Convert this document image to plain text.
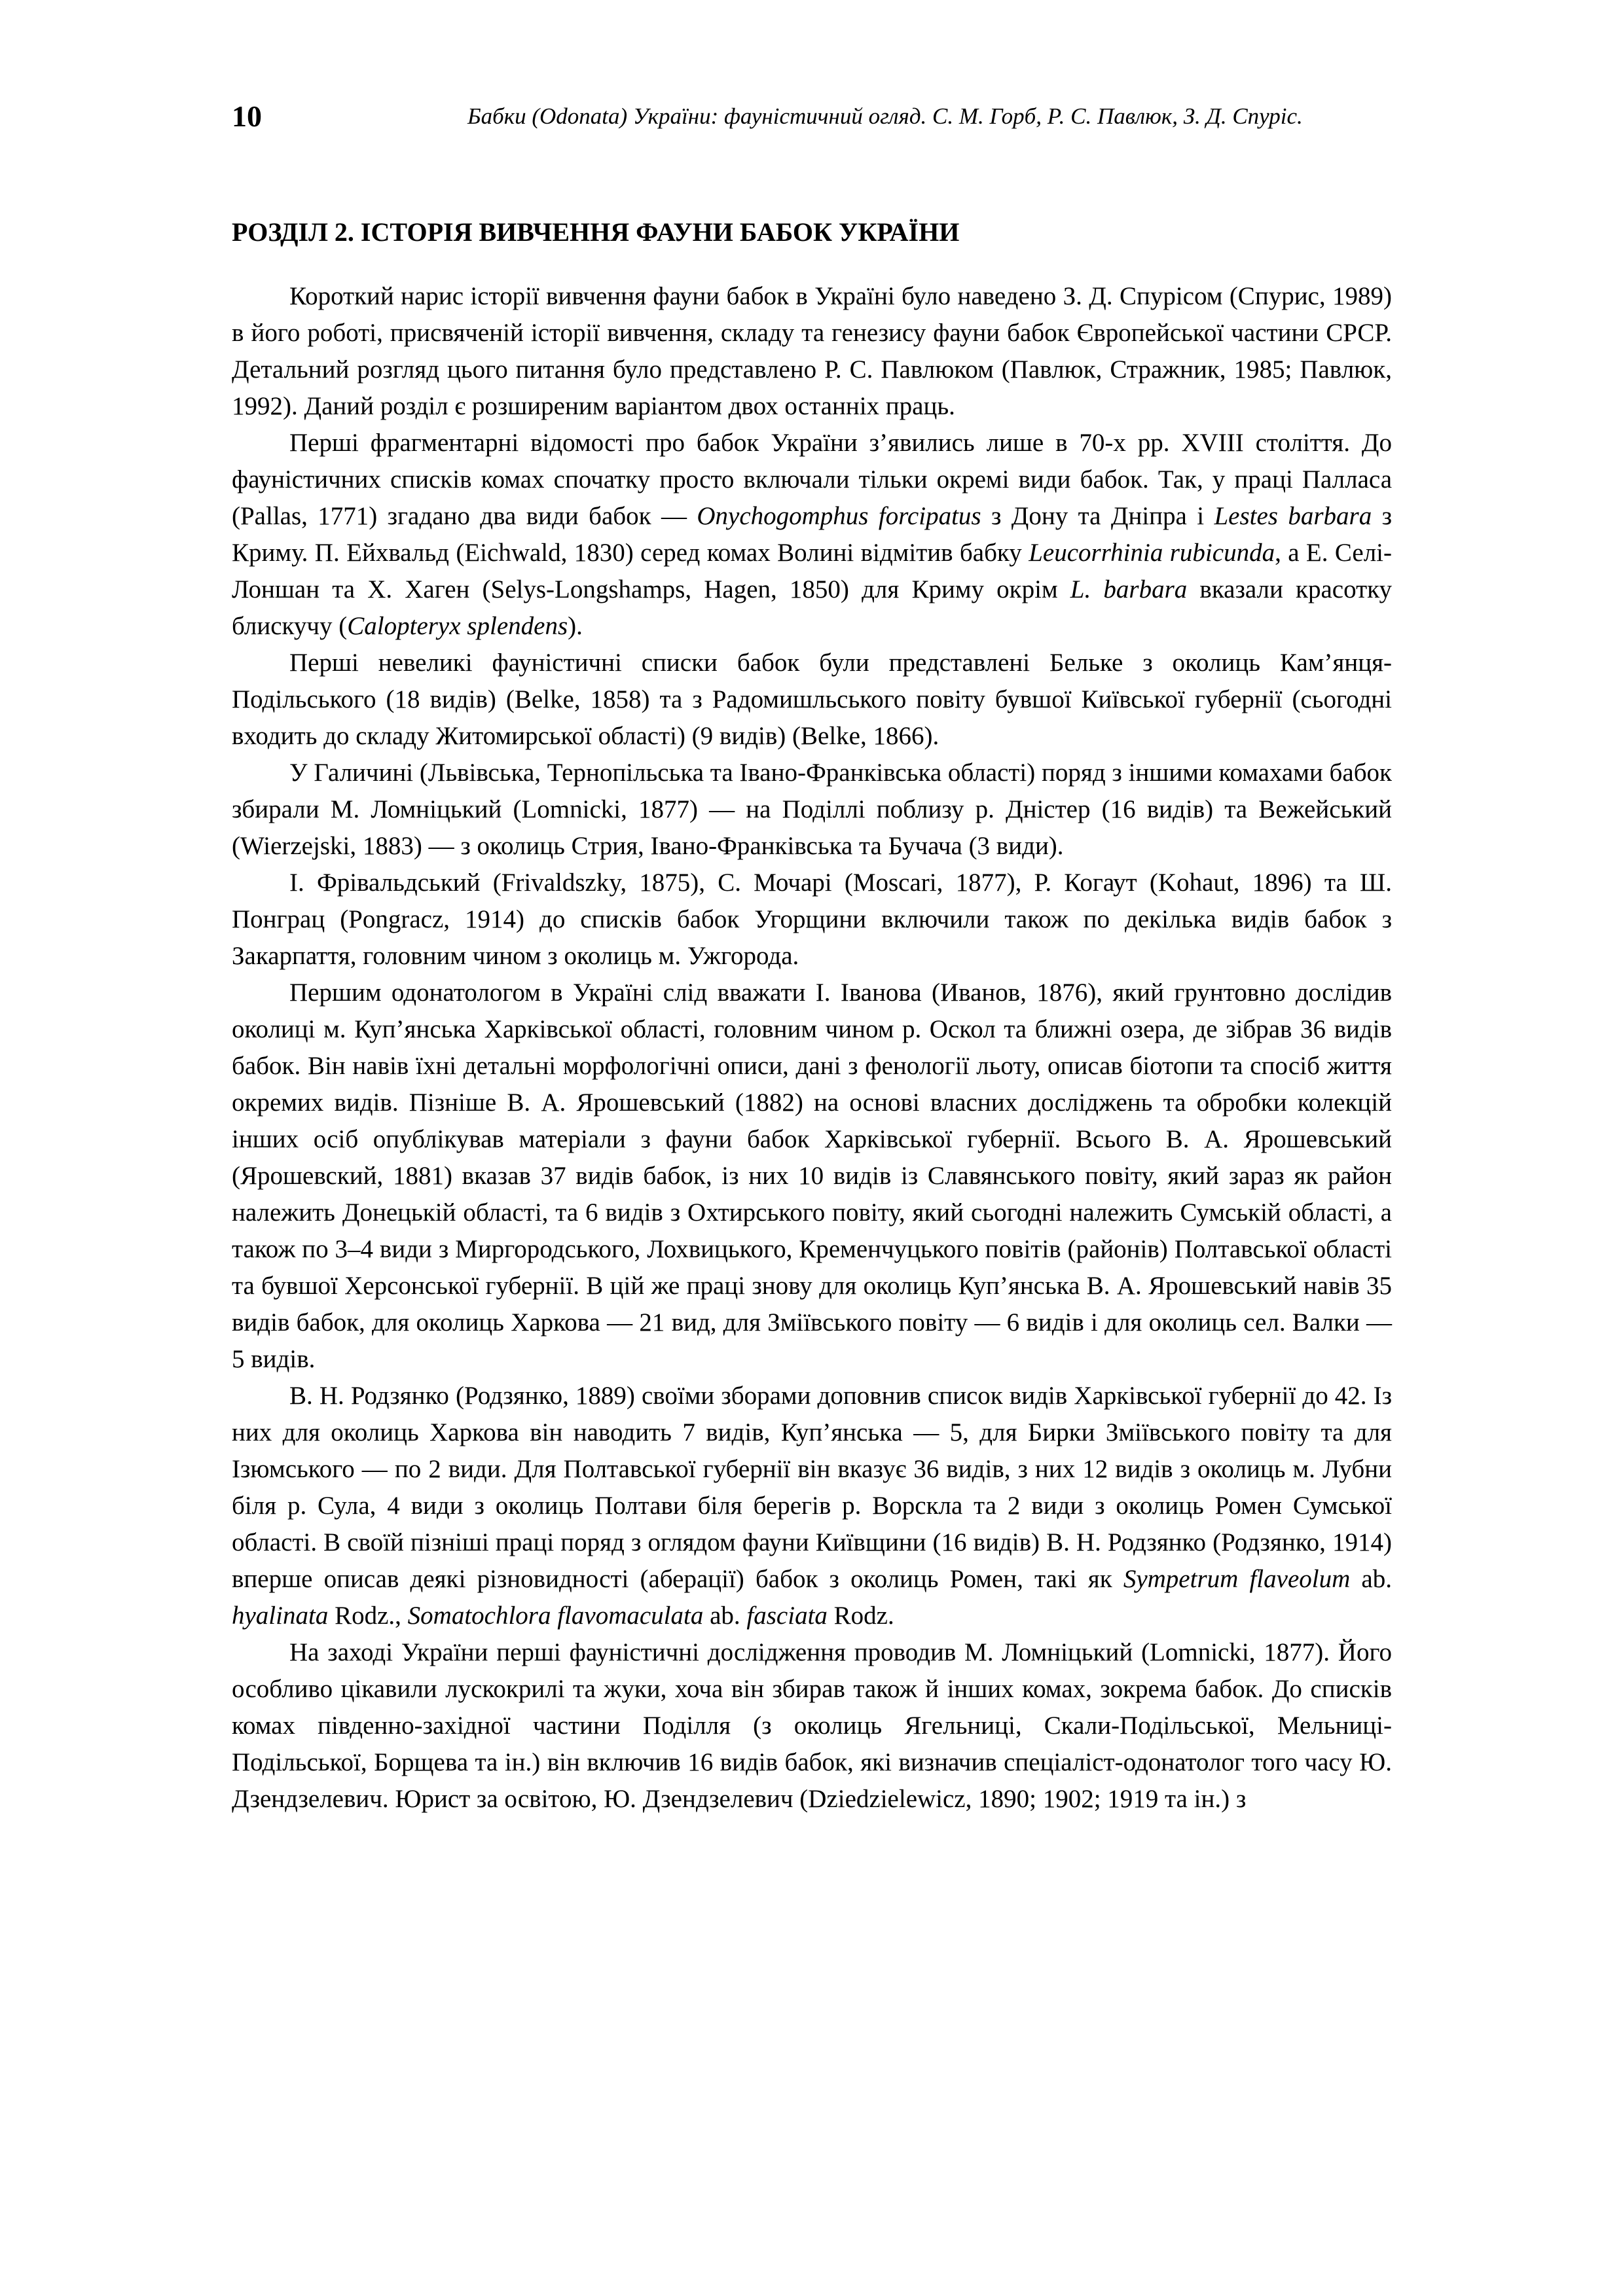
10	Бабки (Odonata) України: фауністичний огляд. С. М. Горб, Р. С. Павлюк, З. Д. Спуріс.
РОЗДІЛ 2. ІСТОРІЯ ВИВЧЕННЯ ФАУНИ БАБОК УКРАЇНИ

Короткий нарис історії вивчення фауни бабок в Україні було наведено З. Д. Спурісом (Спурис, 1989) в його роботі, присвяченій історії вивчення, складу та генезису фауни бабок Європейської частини СРСР. Детальний розгляд цього питання було представлено Р. С. Павлюком (Павлюк, Стражник, 1985; Павлюк, 1992). Даний розділ є розширеним варіантом двох останніх праць.

Перші фрагментарні відомості про бабок України з’явились лише в 70-х рр. XVIII століття. До фауністичних списків комах спочатку просто включали тільки окремі види бабок. Так, у праці Палласа (Pallas, 1771) згадано два види бабок — Onychogomphus forcipatus з Дону та Дніпра і Lestes barbara з Криму. П. Ейхвальд (Eichwald, 1830) серед комах Волині відмітив бабку Leucorrhinia rubicunda, а Е. Селі-Лоншан та Х. Хаген (Selys-Longshamps, Hagen, 1850) для Криму окрім L. barbara вказали красотку блискучу (Calopteryx splendens).

Перші невеликі фауністичні списки бабок були представлені Бельке з околиць Кам’янця-Подільського (18 видів) (Belke, 1858) та з Радомишльського повіту бувшої Київської губернії (сьогодні входить до складу Житомирської області) (9 видів) (Belke, 1866).

У Галичині (Львівська, Тернопільська та Івано-Франківська області) поряд з іншими комахами бабок збирали М. Ломніцький (Lomnicki, 1877) — на Поділлі поблизу р. Дністер (16 видів) та Вежейський (Wierzejski, 1883) — з околиць Стрия, Івано-Франківська та Бучача (3 види).

І. Фрівальдський (Frivaldszky, 1875), С. Мочарі (Moscari, 1877), Р. Когаут (Kohaut, 1896) та Ш. Понграц (Pongracz, 1914) до списків бабок Угорщини включили також по декілька видів бабок з Закарпаття, головним чином з околиць м. Ужгорода.

Першим одонатологом в Україні слід вважати І. Іванова (Иванов, 1876), який грунтовно дослідив околиці м. Куп’янська Харківської області, головним чином р. Оскол та ближні озера, де зібрав 36 видів бабок. Він навів їхні детальні морфологічні описи, дані з фенології льоту, описав біотопи та спосіб життя окремих видів. Пізніше В. А. Ярошевський (1882) на основі власних досліджень та обробки колекцій інших осіб опублікував матеріали з фауни бабок Харківської губернії. Всього В. А. Ярошевський (Ярошевский, 1881) вказав 37 видів бабок, із них 10 видів із Славянського повіту, який зараз як район належить Донецькій області, та 6 видів з Охтирського повіту, який сьогодні належить Сумській області, а також по 3–4 види з Миргородського, Лохвицького, Кременчуцького повітів (районів) Полтавської області та бувшої Херсонської губернії. В цій же праці знову для околиць Куп’янська В. А. Ярошевський навів 35 видів бабок, для околиць Харкова — 21 вид, для Зміївського повіту — 6 видів і для околиць сел. Валки — 5 видів.

В. Н. Родзянко (Родзянко, 1889) своїми зборами доповнив список видів Харківської губернії до 42. Із них для околиць Харкова він наводить 7 видів, Куп’янська — 5, для Бирки Зміївського повіту та для Ізюмського — по 2 види. Для Полтавської губернії він вказує 36 видів, з них 12 видів з околиць м. Лубни біля р. Сула, 4 види з околиць Полтави біля берегів р. Ворскла та 2 види з околиць Ромен Сумської області. В своїй пізніші праці поряд з оглядом фауни Київщини (16 видів) В. Н. Родзянко (Родзянко, 1914) вперше описав деякі різновидності (аберації) бабок з околиць Ромен, такі як Sympetrum flaveolum ab. hyalinata Rodz., Somatochlora flavomaculata ab. fasciata Rodz.

На заході України перші фауністичні дослідження проводив М. Ломніцький (Lomnicki, 1877). Його особливо цікавили лускокрилі та жуки, хоча він збирав також й інших комах, зокрема бабок. До списків комах південно-західної частини Поділля (з околиць Ягельниці, Скали-Подільської, Мельниці-Подільської, Борщева та ін.) він включив 16 видів бабок, які визначив спеціаліст-одонатолог того часу Ю. Дзендзелевич. Юрист за освітою, Ю. Дзендзелевич (Dziedzielewicz, 1890; 1902; 1919 та ін.) з
